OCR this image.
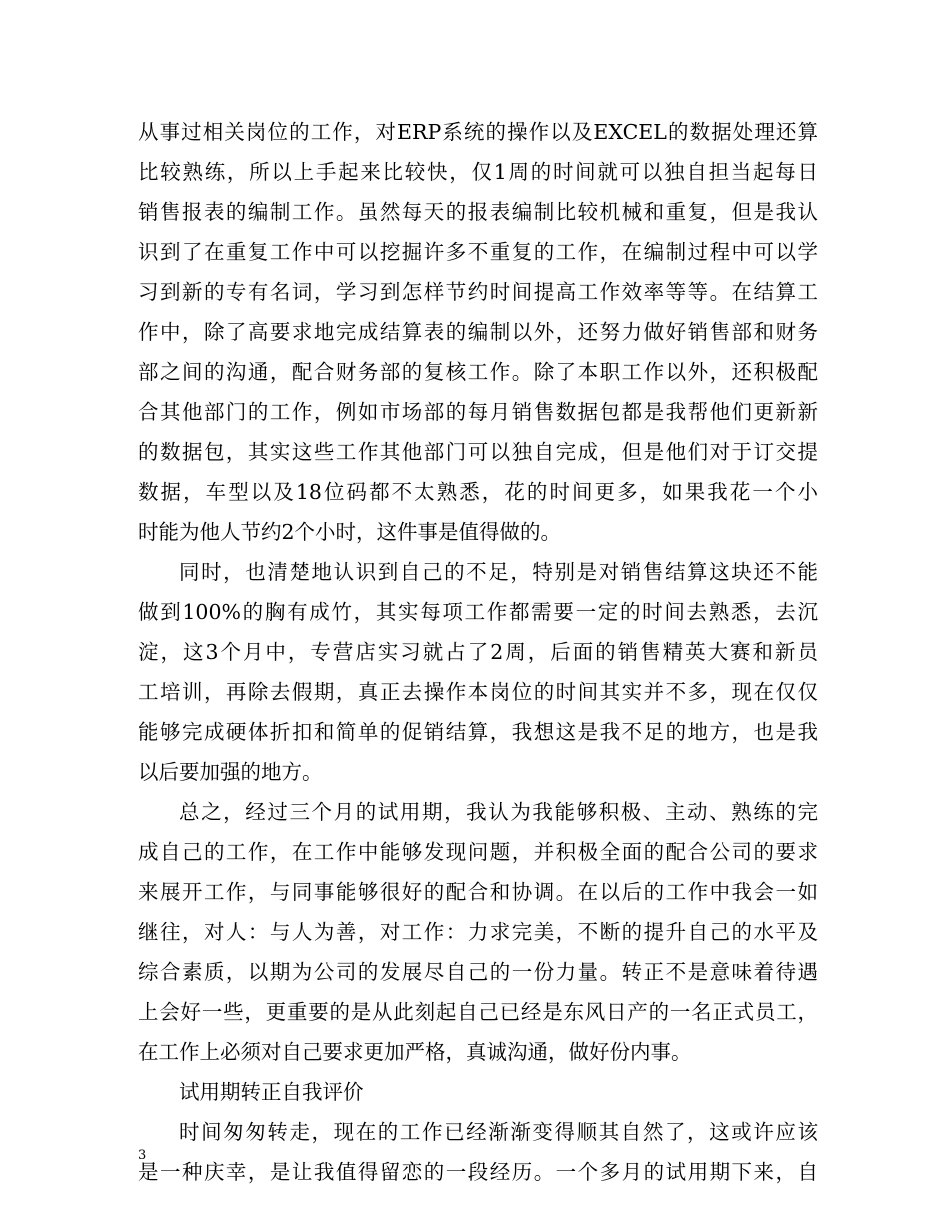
从事过相关岗位的工作，对ERP系统的操作以及EXCEL的数据处理还算
比较熟练，所以上手起来比较快，仅1周的时间就可以独自担当起每日
销售报表的编制工作。虽然每天的报表编制比较机械和重复，但是我认
识到了在重复工作中可以挖掘许多不重复的工作，在编制过程中可以学
习到新的专有名词，学习到怎样节约时间提高工作效率等等。在结算工
作中，除了高要求地完成结算表的编制以外，还努力做好销售部和财务
部之间的沟通，配合财务部的复核工作。除了本职工作以外，还积极配
合其他部门的工作，例如市场部的每月销售数据包都是我帮他们更新新
的数据包，其实这些工作其他部门可以独自完成，但是他们对于订交提
数据，车型以及18位码都不太熟悉，花的时间更多，如果我花一个小
时能为他人节约2个小时，这件事是值得做的。
同时，也清楚地认识到自己的不足，特别是对销售结算这块还不能
做到100%的胸有成竹，其实每项工作都需要一定的时间去熟悉，去沉
淀，这3个月中，专营店实习就占了2周，后面的销售精英大赛和新员
工培训，再除去假期，真正去操作本岗位的时间其实并不多，现在仅仅
能够完成硬体折扣和简单的促销结算，我想这是我不足的地方，也是我
以后要加强的地方。
总之，经过三个月的试用期，我认为我能够积极、主动、熟练的完
成自己的工作，在工作中能够发现问题，并积极全面的配合公司的要求
来展开工作，与同事能够很好的配合和协调。在以后的工作中我会一如
继往，对人：与人为善，对工作：力求完美，不断的提升自己的水平及
综合素质，以期为公司的发展尽自己的一份力量。转正不是意味着待遇
上会好一些，更重要的是从此刻起自己已经是东风日产的一名正式员工，
在工作上必须对自己要求更加严格，真诚沟通，做好份内事。
试用期转正自我评价
时间匆匆转走，现在的工作已经渐渐变得顺其自然了，这或许应该
是一种庆幸，是让我值得留恋的一段经历。一个多月的试用期下来，自
3
